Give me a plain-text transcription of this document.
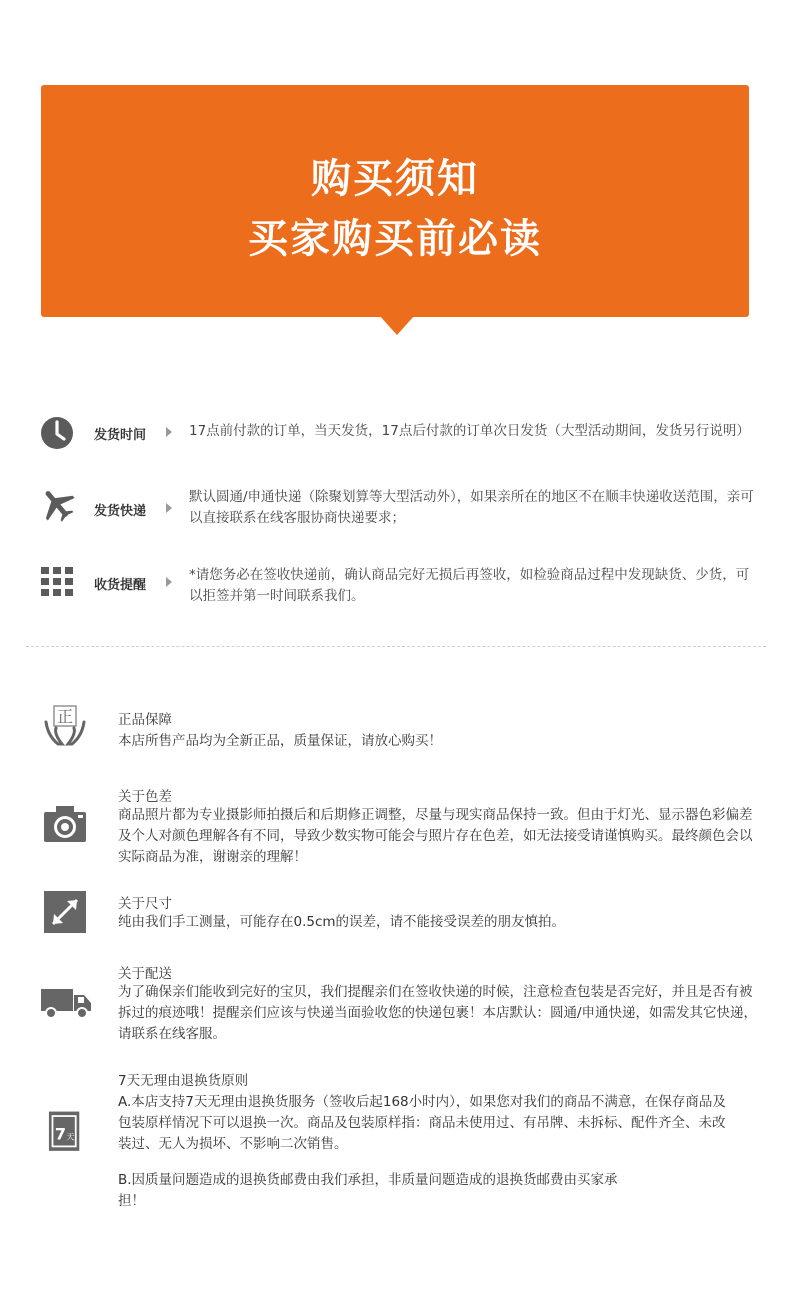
购买须知
买家购买前必读
发货时间	17点前付款的订单，当天发货，17点后付款的订单次日发货（大型活动期间，发货另行说明）
发货快递
默认圆通/申通快递（除聚划算等大型活动外），如果亲所在的地区不在顺丰快递收送范围，亲可以直接联系在线客服协商快递要求；
收货提醒
*请您务必在签收快递前，确认商品完好无损后再签收，如检验商品过程中发现缺货、少货，可以拒签并第一时间联系我们。
正	正品保障
本店所售产品均为全新正品，质量保证，请放心购买！
关于色差
商品照片都为专业摄影师拍摄后和后期修正调整，尽量与现实商品保持一致。但由于灯光、显示器色彩偏差及个人对颜色理解各有不同，导致少数实物可能会与照片存在色差，如无法接受请谨慎购买。最终颜色会以实际商品为准，谢谢亲的理解！
关于尺寸
纯由我们手工测量，可能存在0.5cm的误差，请不能接受误差的朋友慎拍。
关于配送
为了确保亲们能收到完好的宝贝，我们提醒亲们在签收快递的时候，注意检查包装是否完好，并且是否有被拆过的痕迹哦！提醒亲们应该与快递当面验收您的快递包裹！本店默认：圆通/申通快递，如需发其它快递，请联系在线客服。
7 天
7天无理由退换货原则
A.本店支持7天无理由退换货服务（签收后起168小时内），如果您对我们的商品不满意，在保存商品及包装原样情况下可以退换一次。商品及包装原样指：商品未使用过、有吊牌、未拆标、配件齐全、未改装过、无人为损坏、不影响二次销售。
B.因质量问题造成的退换货邮费由我们承担，非质量问题造成的退换货邮费由买家承担！
